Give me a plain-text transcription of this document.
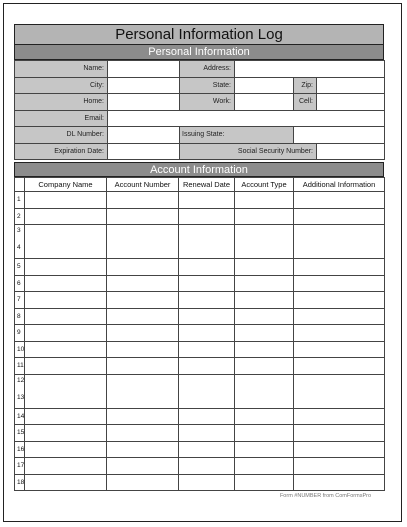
Personal Information Log
Personal Information
Name:		Address:			
City:		State:		Zip:	
Home:		Work:		Cell:	
Email:					
DL Number:		Issuing State:			
Expiration Date:		Social Security Number:			
Account Information
	Company Name	Account Number	Renewal Date	Account Type	Additional Information
1					
2					

3
4					

5					
6					
7					
8					
9					
10					
11					

12
13					

14					
15					
16					
17					
18					
Form #NUMBER from ComFormsPro
